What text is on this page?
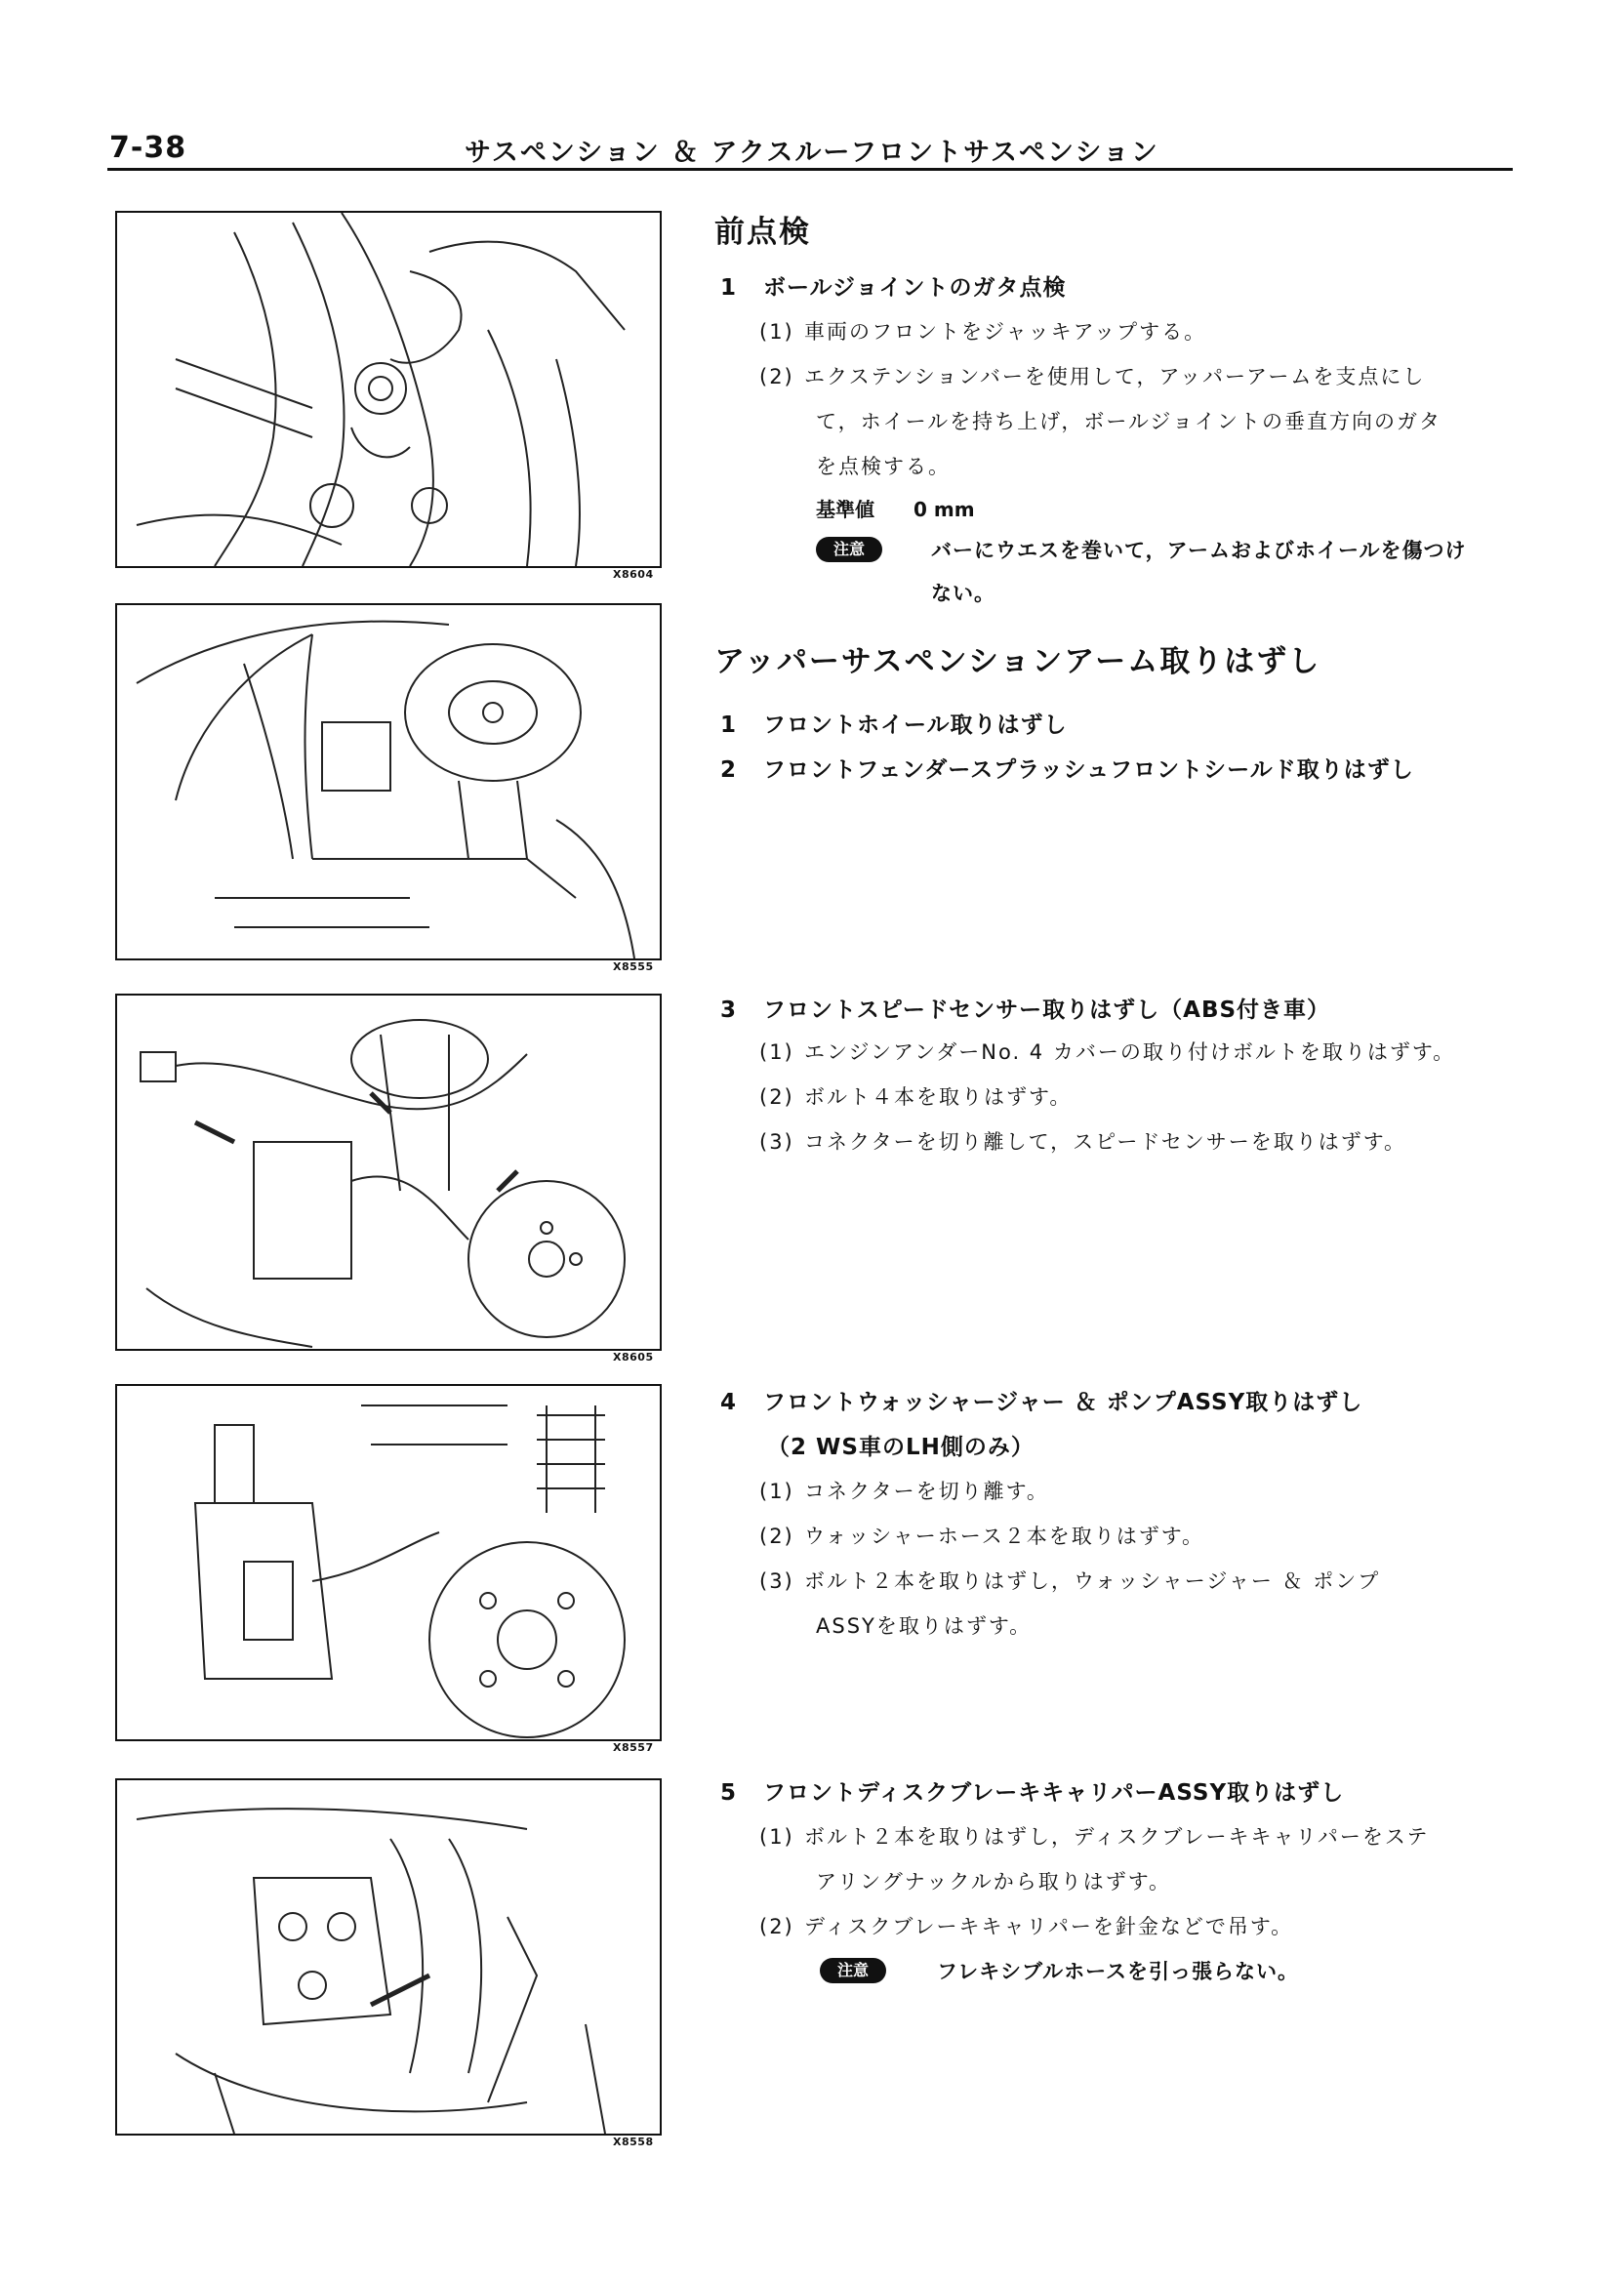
7-38	サスペンション ＆ アクスルーフロントサスペンション
X8604
X8555
X8605
X8557
X8558
前点検
1 ボールジョイントのガタ点検
(1) 車両のフロントをジャッキアップする。
(2) エクステンションバーを使用して，アッパーアームを支点にし
て，ホイールを持ち上げ，ボールジョイントの垂直方向のガタ
を点検する。
基準値 0 mm
注意	バーにウエスを巻いて，アームおよびホイールを傷つけ
ない。
アッパーサスペンションアーム取りはずし
1 フロントホイール取りはずし
2 フロントフェンダースプラッシュフロントシールド取りはずし
3 フロントスピードセンサー取りはずし（ABS付き車）
(1) エンジンアンダーNo. 4 カバーの取り付けボルトを取りはずす。
(2) ボルト４本を取りはずす。
(3) コネクターを切り離して，スピードセンサーを取りはずす。
4 フロントウォッシャージャー ＆ ポンプASSY取りはずし
（2 WS車のLH側のみ）
(1) コネクターを切り離す。
(2) ウォッシャーホース２本を取りはずす。
(3) ボルト２本を取りはずし，ウォッシャージャー ＆ ポンプ
ASSYを取りはずす。
5 フロントディスクブレーキキャリパーASSY取りはずし
(1) ボルト２本を取りはずし，ディスクブレーキキャリパーをステ
アリングナックルから取りはずす。
(2) ディスクブレーキキャリパーを針金などで吊す。
注意	フレキシブルホースを引っ張らない。
